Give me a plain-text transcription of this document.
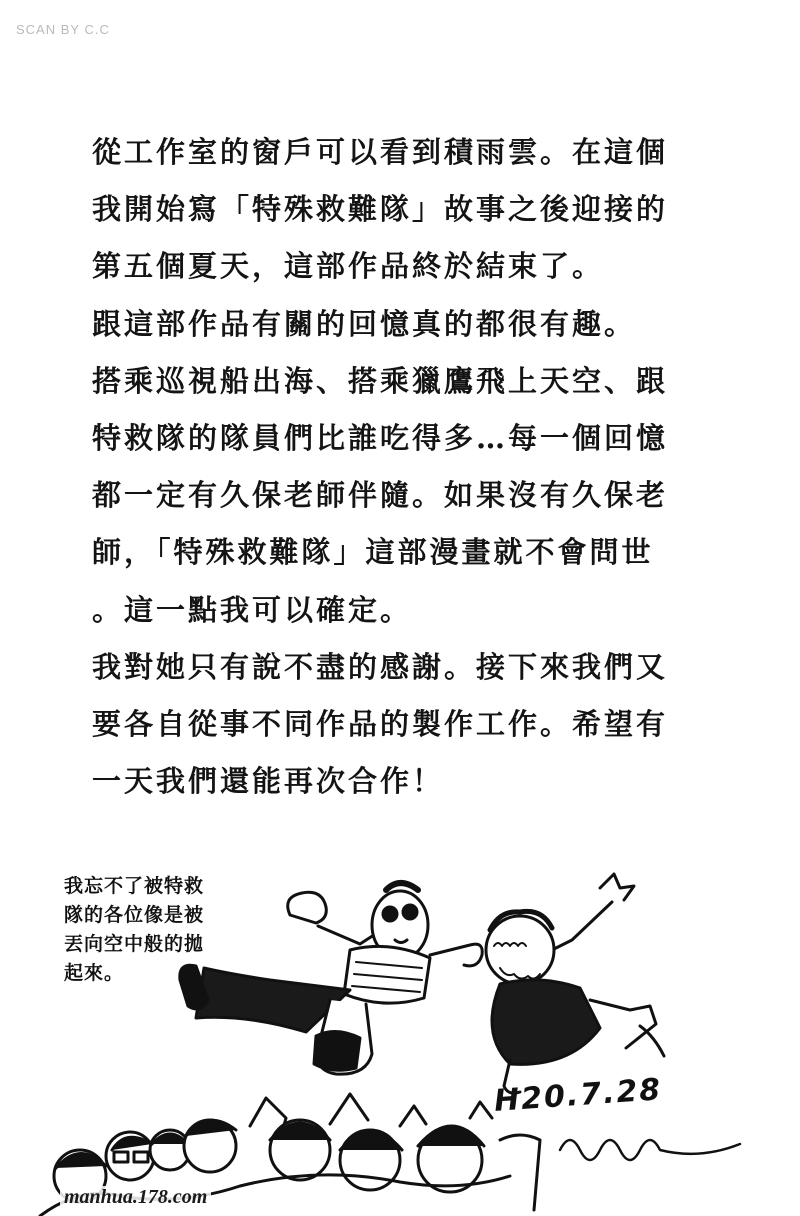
SCAN BY C.C
從工作室的窗戶可以看到積雨雲。在這個
我開始寫「特殊救難隊」故事之後迎接的
第五個夏天，這部作品終於結束了。
跟這部作品有關的回憶真的都很有趣。
搭乘巡視船出海、搭乘獵鷹飛上天空、跟
特救隊的隊員們比誰吃得多…每一個回憶
都一定有久保老師伴隨。如果沒有久保老
師，「特殊救難隊」這部漫畫就不會問世
。這一點我可以確定。
我對她只有說不盡的感謝。接下來我們又
要各自從事不同作品的製作工作。希望有
一天我們還能再次合作！
我忘不了被特救
隊的各位像是被
丟向空中般的拋
起來。
H20.7.28
manhua.178.com
